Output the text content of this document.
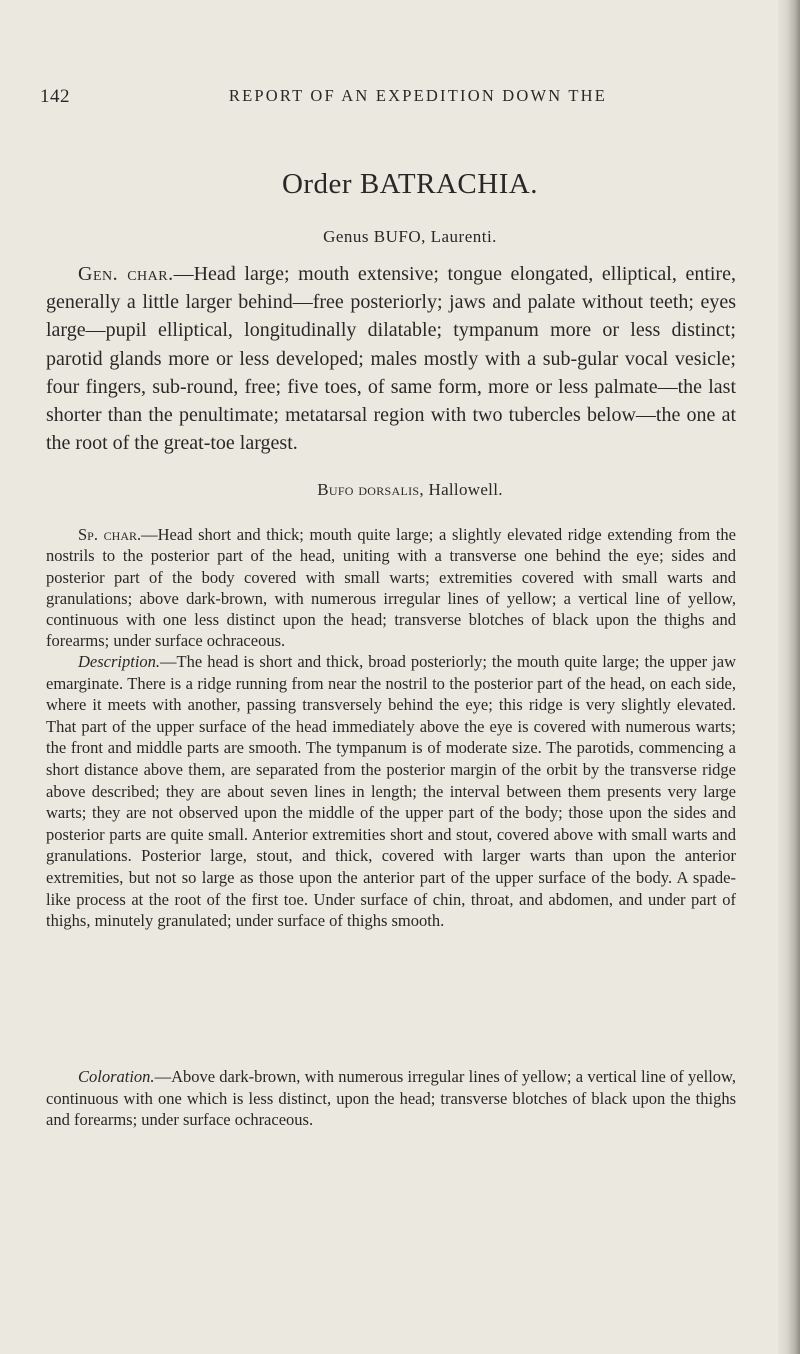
142	REPORT OF AN EXPEDITION DOWN THE
Order BATRACHIA.
Genus BUFO, Laurenti.

Gen. char.—Head large; mouth extensive; tongue elongated, elliptical, entire, generally a little larger behind—free posteriorly; jaws and palate without teeth; eyes large—pupil elliptical, longitudinally dilatable; tympanum more or less distinct; parotid glands more or less developed; males mostly with a sub-gular vocal vesicle; four fingers, sub-round, free; five toes, of same form, more or less palmate—the last shorter than the penultimate; metatarsal region with two tubercles below—the one at the root of the great-toe largest.

Bufo dorsalis, Hallowell.

Sp. char.—Head short and thick; mouth quite large; a slightly elevated ridge extending from the nostrils to the posterior part of the head, uniting with a transverse one behind the eye; sides and posterior part of the body covered with small warts; extremities covered with small warts and granulations; above dark-brown, with numerous irregular lines of yellow; a vertical line of yellow, continuous with one less distinct upon the head; transverse blotches of black upon the thighs and forearms; under surface ochraceous.

Description.—The head is short and thick, broad posteriorly; the mouth quite large; the upper jaw emarginate. There is a ridge running from near the nostril to the posterior part of the head, on each side, where it meets with another, passing transversely behind the eye; this ridge is very slightly elevated. That part of the upper surface of the head immediately above the eye is covered with numerous warts; the front and middle parts are smooth. The tympanum is of moderate size. The parotids, commencing a short distance above them, are separated from the posterior margin of the orbit by the transverse ridge above described; they are about seven lines in length; the interval between them presents very large warts; they are not observed upon the middle of the upper part of the body; those upon the sides and posterior parts are quite small. Anterior extremities short and stout, covered above with small warts and granulations. Posterior large, stout, and thick, covered with larger warts than upon the anterior extremities, but not so large as those upon the anterior part of the upper surface of the body. A spade-like process at the root of the first toe. Under surface of chin, throat, and abdomen, and under part of thighs, minutely granulated; under surface of thighs smooth.

Coloration.—Above dark-brown, with numerous irregular lines of yellow; a vertical line of yellow, continuous with one which is less distinct, upon the head; transverse blotches of black upon the thighs and forearms; under surface ochraceous.
